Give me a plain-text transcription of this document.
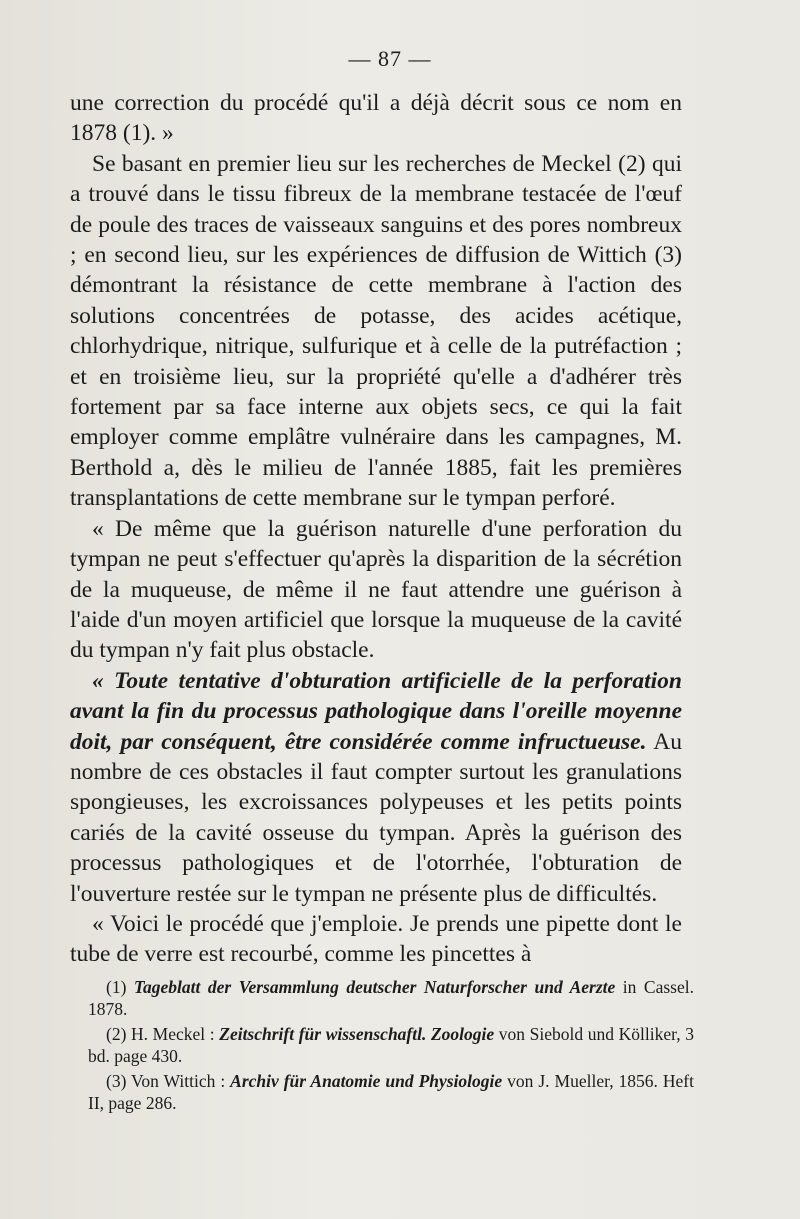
— 87 —

une correction du procédé qu'il a déjà décrit sous ce nom en 1878 (1). »

Se basant en premier lieu sur les recherches de Meckel (2) qui a trouvé dans le tissu fibreux de la membrane testacée de l'œuf de poule des traces de vaisseaux sanguins et des pores nombreux ; en second lieu, sur les expériences de diffusion de Wittich (3) démontrant la résistance de cette membrane à l'action des solutions concentrées de potasse, des acides acétique, chlorhydrique, nitrique, sulfurique et à celle de la putréfaction ; et en troisième lieu, sur la propriété qu'elle a d'adhérer très fortement par sa face interne aux objets secs, ce qui la fait employer comme emplâtre vulnéraire dans les campagnes, M. Berthold a, dès le milieu de l'année 1885, fait les premières transplantations de cette membrane sur le tympan perforé.

« De même que la guérison naturelle d'une perforation du tympan ne peut s'effectuer qu'après la disparition de la sécrétion de la muqueuse, de même il ne faut attendre une guérison à l'aide d'un moyen artificiel que lorsque la muqueuse de la cavité du tympan n'y fait plus obstacle.

« Toute tentative d'obturation artificielle de la perforation avant la fin du processus pathologique dans l'oreille moyenne doit, par conséquent, être considérée comme infructueuse. Au nombre de ces obstacles il faut compter surtout les granulations spongieuses, les excroissances polypeuses et les petits points cariés de la cavité osseuse du tympan. Après la guérison des processus pathologiques et de l'otorrhée, l'obturation de l'ouverture restée sur le tympan ne présente plus de difficultés.

« Voici le procédé que j'emploie. Je prends une pipette dont le tube de verre est recourbé, comme les pincettes à

(1) Tageblatt der Versammlung deutscher Naturforscher und Aerzte in Cassel. 1878.

(2) H. Meckel : Zeitschrift für wissenschaftl. Zoologie von Siebold und Kölliker, 3 bd. page 430.

(3) Von Wittich : Archiv für Anatomie und Physiologie von J. Mueller, 1856. Heft II, page 286.
